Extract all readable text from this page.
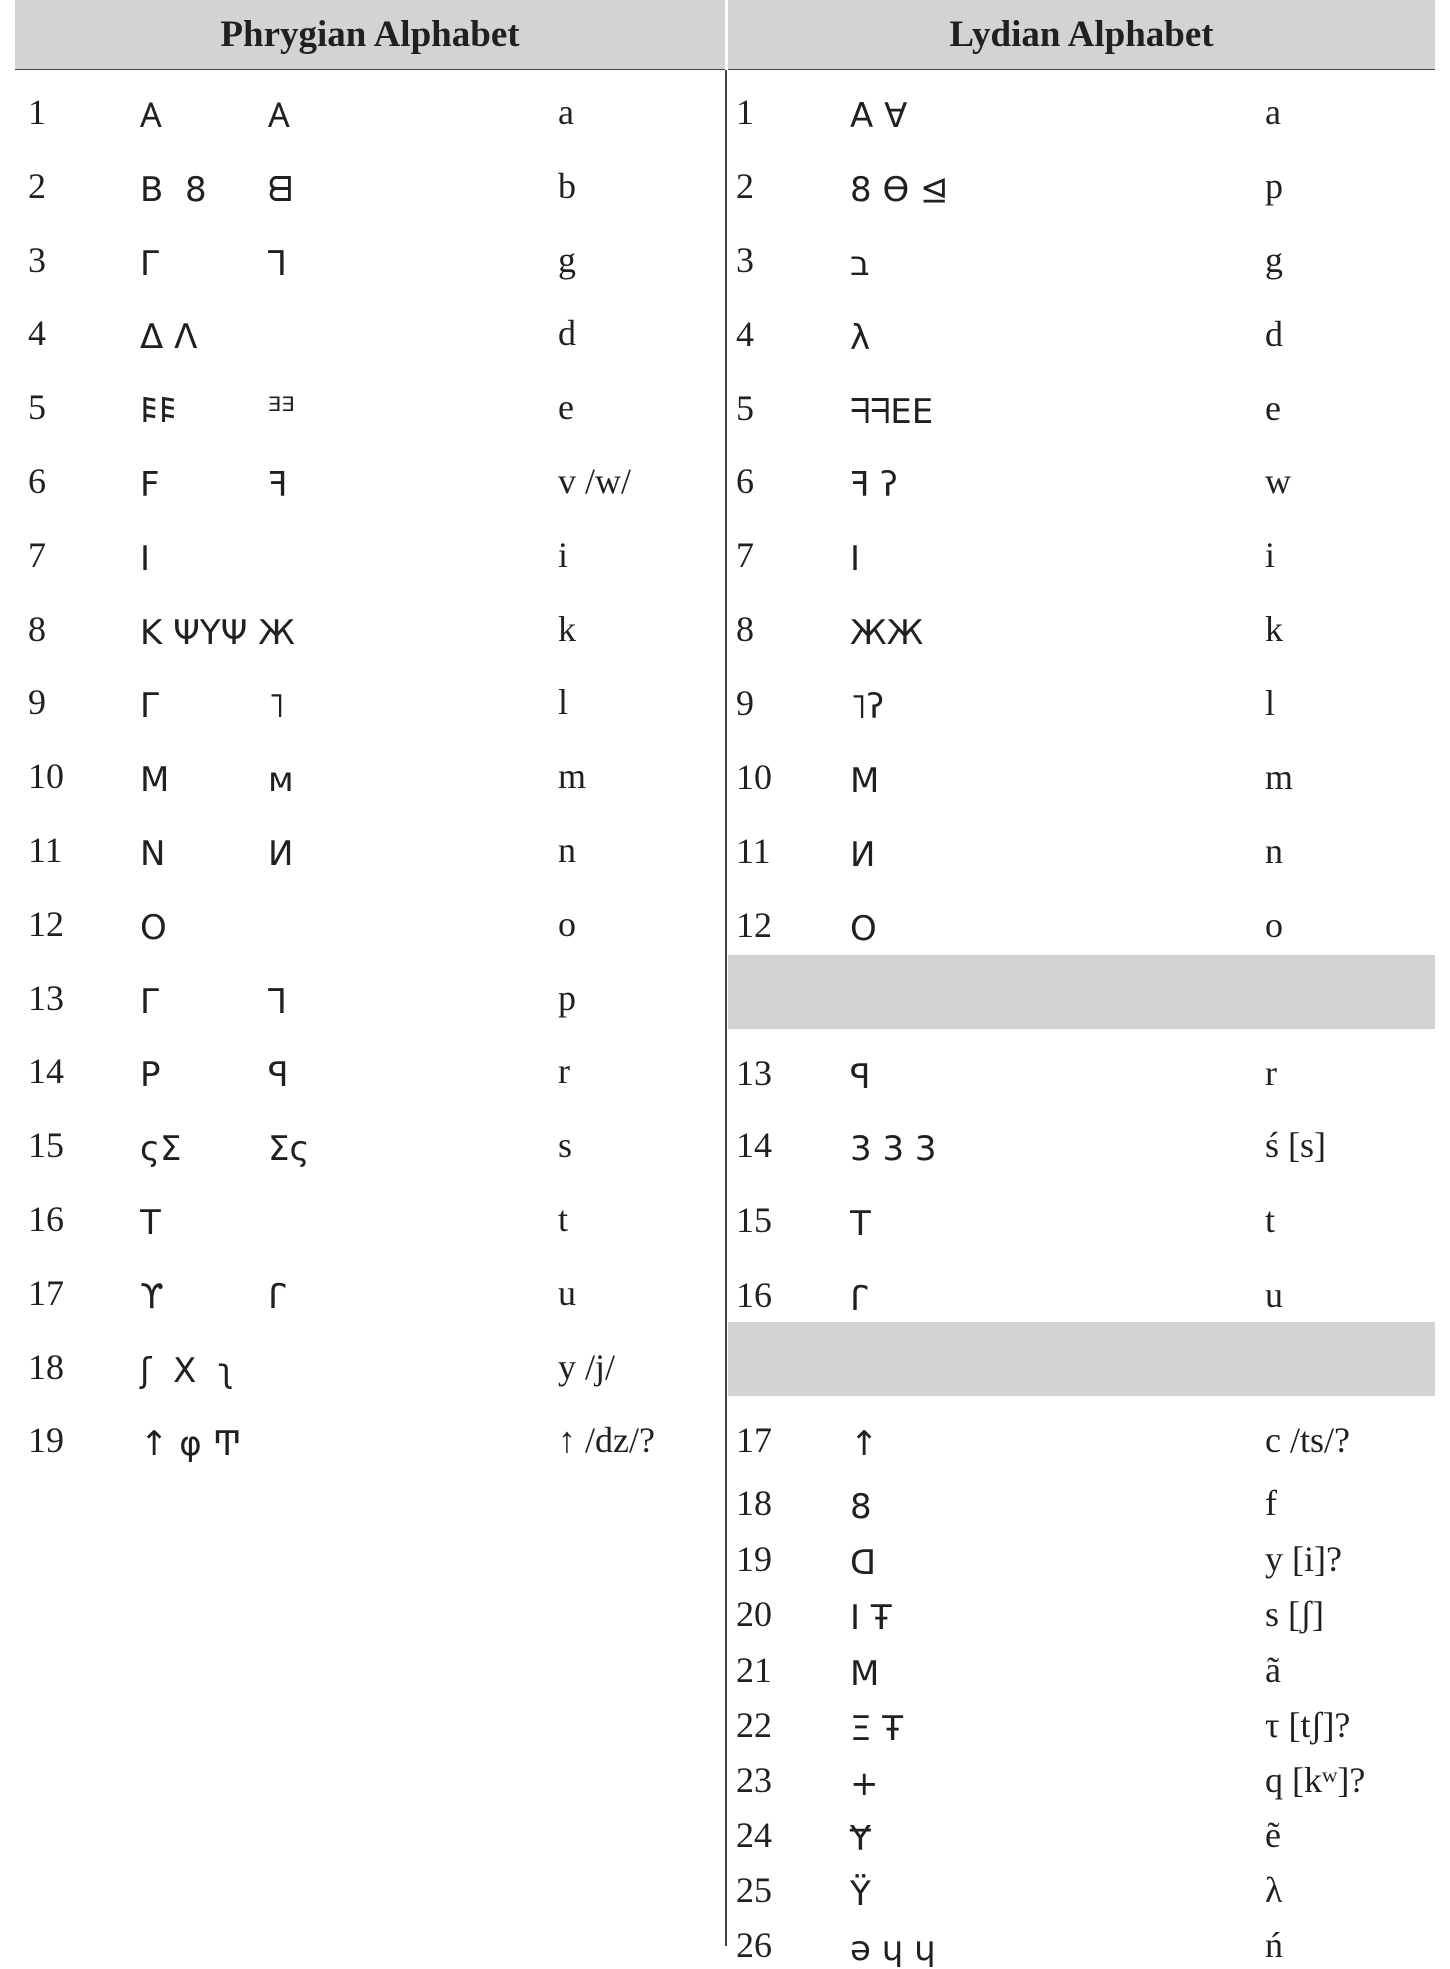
Phrygian Alphabet	Lydian Alphabet
1	𐊠	𐊠	a
2	B  8 ᗺ	b
3	Γ	ꓶ	g
4	Δ Λ	d
5	𐌄𐌄	ᴲᴲ	e
6	F	ꟻ	v /w/
7	I	i
8	K ΨΥΨ Ж	k
9	Γ	˥	l
10 M	ᴍ	m
11 N	И	n
12 O	o
13 Γ	ꓶ	p
14 P	ꟼ	r
15 ςΣ	Σς	s
16 T	t
17 ϒ	ꓩ	u
18 ʃ  X  ʅ	y /j/
19 ↑ φ Ͳ	↑ /dz/?
1	A Ɐ	a
2	8 Ɵ ⊴	p
3	ב	g
4	λ	d
5	ᖷᖷEE	e
6	ꟻ ʔ	w
7	I	i
8	ЖЖ	k
9	˥ʔ	l
10 M	m
11 И	n
12 O	o
13 ꟼ	r
14 3 3 3	ś [s]
15 T	t
16 ꓩ	u
17 ↑	c /ts/?
18 8	f
19 ꓷ	y [i]?
20 I Ŧ	s [ʃ]
21 M	ã
22 Ξ Ŧ	τ [tʃ]?
23 +	q [kʷ]?
24 Ɏ	ẽ
25 Ϋ	λ
26 ə ɥ ɥ	ń
